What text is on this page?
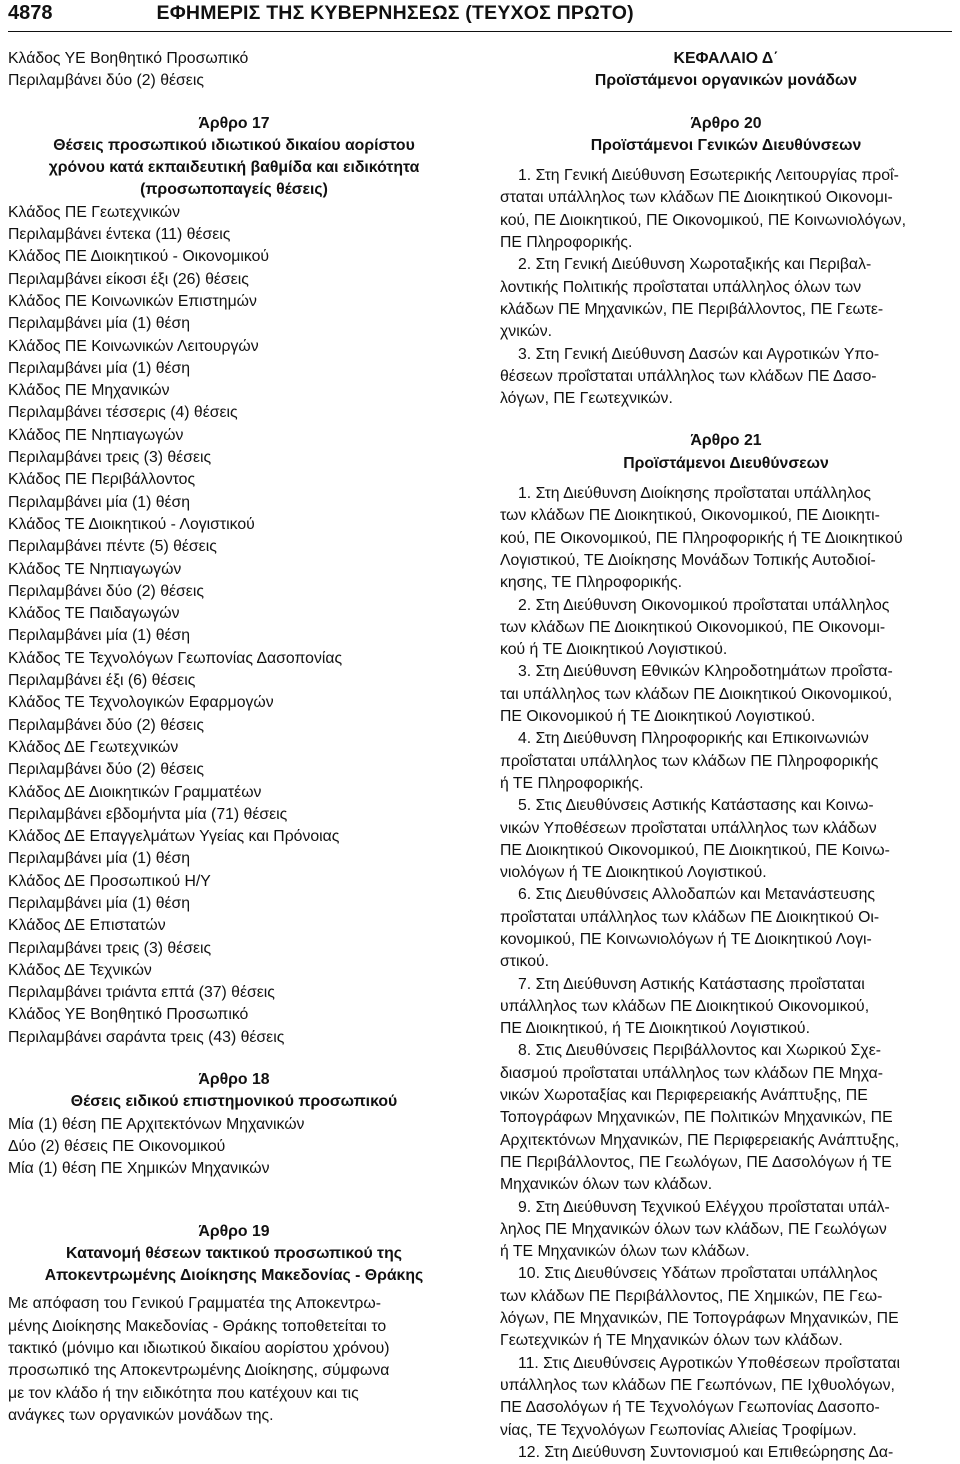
4878	ΕΦΗΜΕΡΙΣ ΤΗΣ ΚΥΒΕΡΝΗΣΕΩΣ (ΤΕΥΧΟΣ ΠΡΩΤΟ)

Κλάδος ΥΕ Βοηθητικό Προσωπικό

Περιλαμβάνει δύο (2) θέσεις

Άρθρο 17

Θέσεις προσωπικού ιδιωτικού δικαίου αορίστου

χρόνου κατά εκπαιδευτική βαθμίδα και ειδικότητα

(προσωποπαγείς θέσεις)

Κλάδος ΠΕ Γεωτεχνικών

Περιλαμβάνει έντεκα (11) θέσεις

Κλάδος ΠΕ Διοικητικού - Οικονομικού

Περιλαμβάνει είκοσι έξι (26) θέσεις

Κλάδος ΠΕ Κοινωνικών Επιστημών

Περιλαμβάνει μία (1) θέση

Κλάδος ΠΕ Κοινωνικών Λειτουργών

Περιλαμβάνει μία (1) θέση

Κλάδος ΠΕ Μηχανικών

Περιλαμβάνει τέσσερις (4) θέσεις

Κλάδος ΠΕ Νηπιαγωγών

Περιλαμβάνει τρεις (3) θέσεις

Κλάδος ΠΕ Περιβάλλοντος

Περιλαμβάνει μία (1) θέση

Κλάδος ΤΕ Διοικητικού - Λογιστικού

Περιλαμβάνει πέντε (5) θέσεις

Κλάδος ΤΕ Νηπιαγωγών

Περιλαμβάνει δύο (2) θέσεις

Κλάδος ΤΕ Παιδαγωγών

Περιλαμβάνει μία (1) θέση

Κλάδος ΤΕ Τεχνολόγων Γεωπονίας Δασοπονίας

Περιλαμβάνει έξι (6) θέσεις

Κλάδος ΤΕ Τεχνολογικών Εφαρμογών

Περιλαμβάνει δύο (2) θέσεις

Κλάδος ΔΕ Γεωτεχνικών

Περιλαμβάνει δύο (2) θέσεις

Κλάδος ΔΕ Διοικητικών Γραμματέων

Περιλαμβάνει εβδομήντα μία (71) θέσεις

Κλάδος ΔΕ Επαγγελμάτων Υγείας και Πρόνοιας

Περιλαμβάνει μία (1) θέση

Κλάδος ΔΕ Προσωπικού Η/Υ

Περιλαμβάνει μία (1) θέση

Κλάδος ΔΕ Επιστατών

Περιλαμβάνει τρεις (3) θέσεις

Κλάδος ΔΕ Τεχνικών

Περιλαμβάνει τριάντα επτά (37) θέσεις

Κλάδος ΥΕ Βοηθητικό Προσωπικό

Περιλαμβάνει σαράντα τρεις (43) θέσεις

Άρθρο 18

Θέσεις ειδικού επιστημονικού προσωπικού

Μία (1) θέση ΠΕ Αρχιτεκτόνων Μηχανικών

Δύο (2) θέσεις ΠΕ Οικονομικού

Μία (1) θέση ΠΕ Χημικών Μηχανικών

Άρθρο 19

Κατανομή θέσεων τακτικού προσωπικού της

Αποκεντρωμένης Διοίκησης Μακεδονίας - Θράκης

Με απόφαση του Γενικού Γραμματέα της Αποκεντρω-

μένης Διοίκησης Μακεδονίας - Θράκης τοποθετείται το

τακτικό (μόνιμο και ιδιωτικού δικαίου αορίστου χρόνου)

προσωπικό της Αποκεντρωμένης Διοίκησης, σύμφωνα

με τον κλάδο ή την ειδικότητα που κατέχουν και τις

ανάγκες των οργανικών μονάδων της.

ΚΕΦΑΛΑΙΟ Δ΄

Προϊστάμενοι οργανικών μονάδων

Άρθρο 20

Προϊστάμενοι Γενικών Διευθύνσεων

1. Στη Γενική Διεύθυνση Εσωτερικής Λειτουργίας προΐ-

σταται υπάλληλος των κλάδων ΠΕ Διοικητικού Οικονομι-

κού, ΠΕ Διοικητικού, ΠΕ Οικονομικού, ΠΕ Κοινωνιολόγων,

ΠΕ Πληροφορικής.

2. Στη Γενική Διεύθυνση Χωροταξικής και Περιβαλ-

λοντικής Πολιτικής προΐσταται υπάλληλος όλων των

κλάδων ΠΕ Μηχανικών, ΠΕ Περιβάλλοντος, ΠΕ Γεωτε-

χνικών.

3. Στη Γενική Διεύθυνση Δασών και Αγροτικών Υπο-

θέσεων προΐσταται υπάλληλος των κλάδων ΠΕ Δασο-

λόγων, ΠΕ Γεωτεχνικών.

Άρθρο 21

Προϊστάμενοι Διευθύνσεων

1. Στη Διεύθυνση Διοίκησης προΐσταται υπάλληλος

των κλάδων ΠΕ Διοικητικού, Οικονομικού, ΠΕ Διοικητι-

κού, ΠΕ Οικονομικού, ΠΕ Πληροφορικής ή ΤΕ Διοικητικού

Λογιστικού, ΤΕ Διοίκησης Μονάδων Τοπικής Αυτοδιοί-

κησης, ΤΕ Πληροφορικής.

2. Στη Διεύθυνση Οικονομικού προΐσταται υπάλληλος

των κλάδων ΠΕ Διοικητικού Οικονομικού, ΠΕ Οικονομι-

κού ή ΤΕ Διοικητικού Λογιστικού.

3. Στη Διεύθυνση Εθνικών Κληροδοτημάτων προΐστα-

ται υπάλληλος των κλάδων ΠΕ Διοικητικού Οικονομικού,

ΠΕ Οικονομικού ή ΤΕ Διοικητικού Λογιστικού.

4. Στη Διεύθυνση Πληροφορικής και Επικοινωνιών

προΐσταται υπάλληλος των κλάδων ΠΕ Πληροφορικής

ή ΤΕ Πληροφορικής.

5. Στις Διευθύνσεις Αστικής Κατάστασης και Κοινω-

νικών Υποθέσεων προΐσταται υπάλληλος των κλάδων

ΠΕ Διοικητικού Οικονομικού, ΠΕ Διοικητικού, ΠΕ Κοινω-

νιολόγων ή ΤΕ Διοικητικού Λογιστικού.

6. Στις Διευθύνσεις Αλλοδαπών και Μετανάστευσης

προΐσταται υπάλληλος των κλάδων ΠΕ Διοικητικού Οι-

κονομικού, ΠΕ Κοινωνιολόγων ή ΤΕ Διοικητικού Λογι-

στικού.

7. Στη Διεύθυνση Αστικής Κατάστασης προΐσταται

υπάλληλος των κλάδων ΠΕ Διοικητικού Οικονομικού,

ΠΕ Διοικητικού, ή ΤΕ Διοικητικού Λογιστικού.

8. Στις Διευθύνσεις Περιβάλλοντος και Χωρικού Σχε-

διασμού προΐσταται υπάλληλος των κλάδων ΠΕ Μηχα-

νικών Χωροταξίας και Περιφερειακής Ανάπτυξης, ΠΕ

Τοπογράφων Μηχανικών, ΠΕ Πολιτικών Μηχανικών, ΠΕ

Αρχιτεκτόνων Μηχανικών, ΠΕ Περιφερειακής Ανάπτυξης,

ΠΕ Περιβάλλοντος, ΠΕ Γεωλόγων, ΠΕ Δασολόγων ή ΤΕ

Μηχανικών όλων των κλάδων.

9. Στη Διεύθυνση Τεχνικού Ελέγχου προΐσταται υπάλ-

ληλος ΠΕ Μηχανικών όλων των κλάδων, ΠΕ Γεωλόγων

ή ΤΕ Μηχανικών όλων των κλάδων.

10. Στις Διευθύνσεις Υδάτων προΐσταται υπάλληλος

των κλάδων ΠΕ Περιβάλλοντος, ΠΕ Χημικών, ΠΕ Γεω-

λόγων, ΠΕ Μηχανικών, ΠΕ Τοπογράφων Μηχανικών, ΠΕ

Γεωτεχνικών ή ΤΕ Μηχανικών όλων των κλάδων.

11. Στις Διευθύνσεις Αγροτικών Υποθέσεων προΐσταται

υπάλληλος των κλάδων ΠΕ Γεωπόνων, ΠΕ Ιχθυολόγων,

ΠΕ Δασολόγων ή ΤΕ Τεχνολόγων Γεωπονίας Δασοπο-

νίας, ΤΕ Τεχνολόγων Γεωπονίας Αλιείας Τροφίμων.

12. Στη Διεύθυνση Συντονισμού και Επιθεώρησης Δα-
